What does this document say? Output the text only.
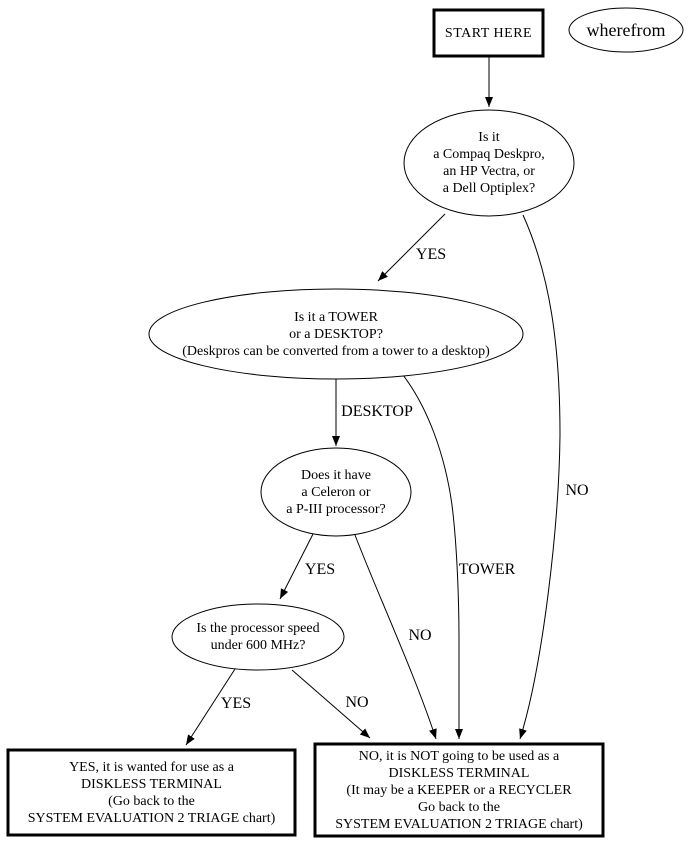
START HERE	wherefrom
Is it
a Compaq Deskpro,
an HP Vectra, or
a Dell Optiplex?
Is it a TOWER
or a DESKTOP?
(Deskpros can be converted from a tower to a desktop)
Does it have
a Celeron or
a P-III processor?
Is the processor speed
under 600 MHz?
YES, it is wanted for use as a
DISKLESS TERMINAL
(Go back to the
SYSTEM EVALUATION 2 TRIAGE chart)
NO, it is NOT going to be used as a
DISKLESS TERMINAL
(It may be a KEEPER or a RECYCLER
Go back to the
SYSTEM EVALUATION 2 TRIAGE chart)
YES
NO
DESKTOP
TOWER
YES
NO
YES	NO
